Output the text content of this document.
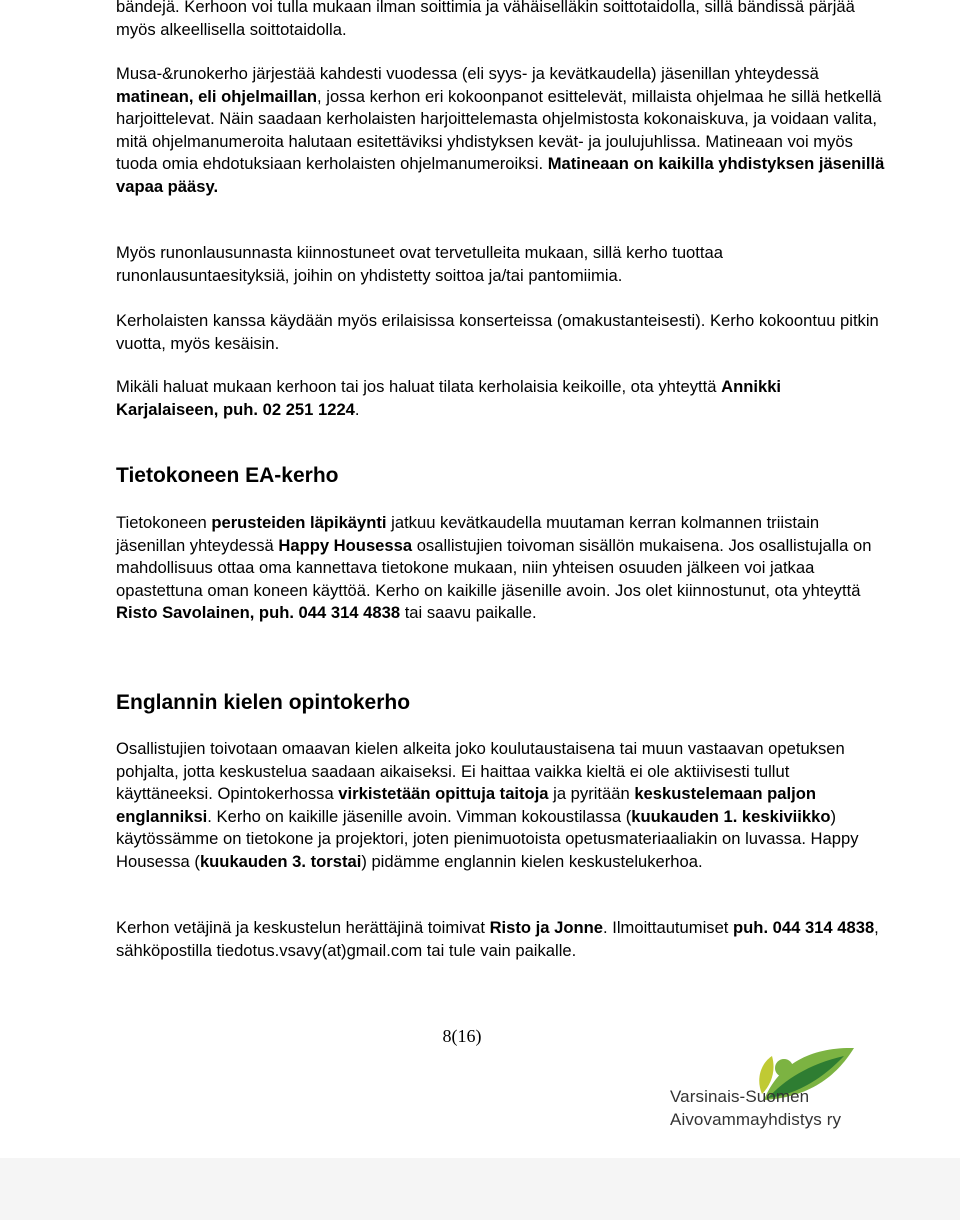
bändejä. Kerhoon voi tulla mukaan ilman soittimia ja vähäiselläkin soittotaidolla, sillä bändissä pärjää myös alkeellisella soittotaidolla.

Musa-&runokerho järjestää kahdesti vuodessa (eli syys- ja kevätkaudella) jäsenillan yhteydessä matinean, eli ohjelmaillan, jossa kerhon eri kokoonpanot esittelevät, millaista ohjelmaa he sillä hetkellä harjoittelevat. Näin saadaan kerholaisten harjoittelemasta ohjelmistosta kokonaiskuva, ja voidaan valita, mitä ohjelmanumeroita halutaan esitettäviksi yhdistyksen kevät- ja joulujuhlissa. Matineaan voi myös tuoda omia ehdotuksiaan kerholaisten ohjelmanumeroiksi. Matineaan on kaikilla yhdistyksen jäsenillä vapaa pääsy.

Myös runonlausunnasta kiinnostuneet ovat tervetulleita mukaan, sillä kerho tuottaa runonlausuntaesityksiä, joihin on yhdistetty soittoa ja/tai pantomiimia.

Kerholaisten kanssa käydään myös erilaisissa konserteissa (omakustanteisesti). Kerho kokoontuu pitkin vuotta, myös kesäisin.

Mikäli haluat mukaan kerhoon tai jos haluat tilata kerholaisia keikoille, ota yhteyttä Annikki Karjalaiseen, puh. 02 251 1224.

Tietokoneen EA-kerho

Tietokoneen perusteiden läpikäynti jatkuu kevätkaudella muutaman kerran kolmannen triistain jäsenillan yhteydessä Happy Housessa osallistujien toivoman sisällön mukaisena. Jos osallistujalla on mahdollisuus ottaa oma kannettava tietokone mukaan, niin yhteisen osuuden jälkeen voi jatkaa opastettuna oman koneen käyttöä. Kerho on kaikille jäsenille avoin. Jos olet kiinnostunut, ota yhteyttä Risto Savolainen, puh. 044 314 4838 tai saavu paikalle.

Englannin kielen opintokerho

Osallistujien toivotaan omaavan kielen alkeita joko koulutaustaisena tai muun vastaavan opetuksen pohjalta, jotta keskustelua saadaan aikaiseksi. Ei haittaa vaikka kieltä ei ole aktiivisesti tullut käyttäneeksi. Opintokerhossa virkistetään opittuja taitoja ja pyritään keskustelemaan paljon englanniksi. Kerho on kaikille jäsenille avoin. Vimman kokoustilassa (kuukauden 1. keskiviikko) käytössämme on tietokone ja projektori, joten pienimuotoista opetusmateriaaliakin on luvassa. Happy Housessa (kuukauden 3. torstai) pidämme englannin kielen keskustelukerhoa.

Kerhon vetäjinä ja keskustelun herättäjinä toimivat Risto ja Jonne. Ilmoittautumiset puh. 044 314 4838, sähköpostilla tiedotus.vsavy(at)gmail.com tai tule vain paikalle.

8(16)
Varsinais-Suomen
Aivovammayhdistys ry
